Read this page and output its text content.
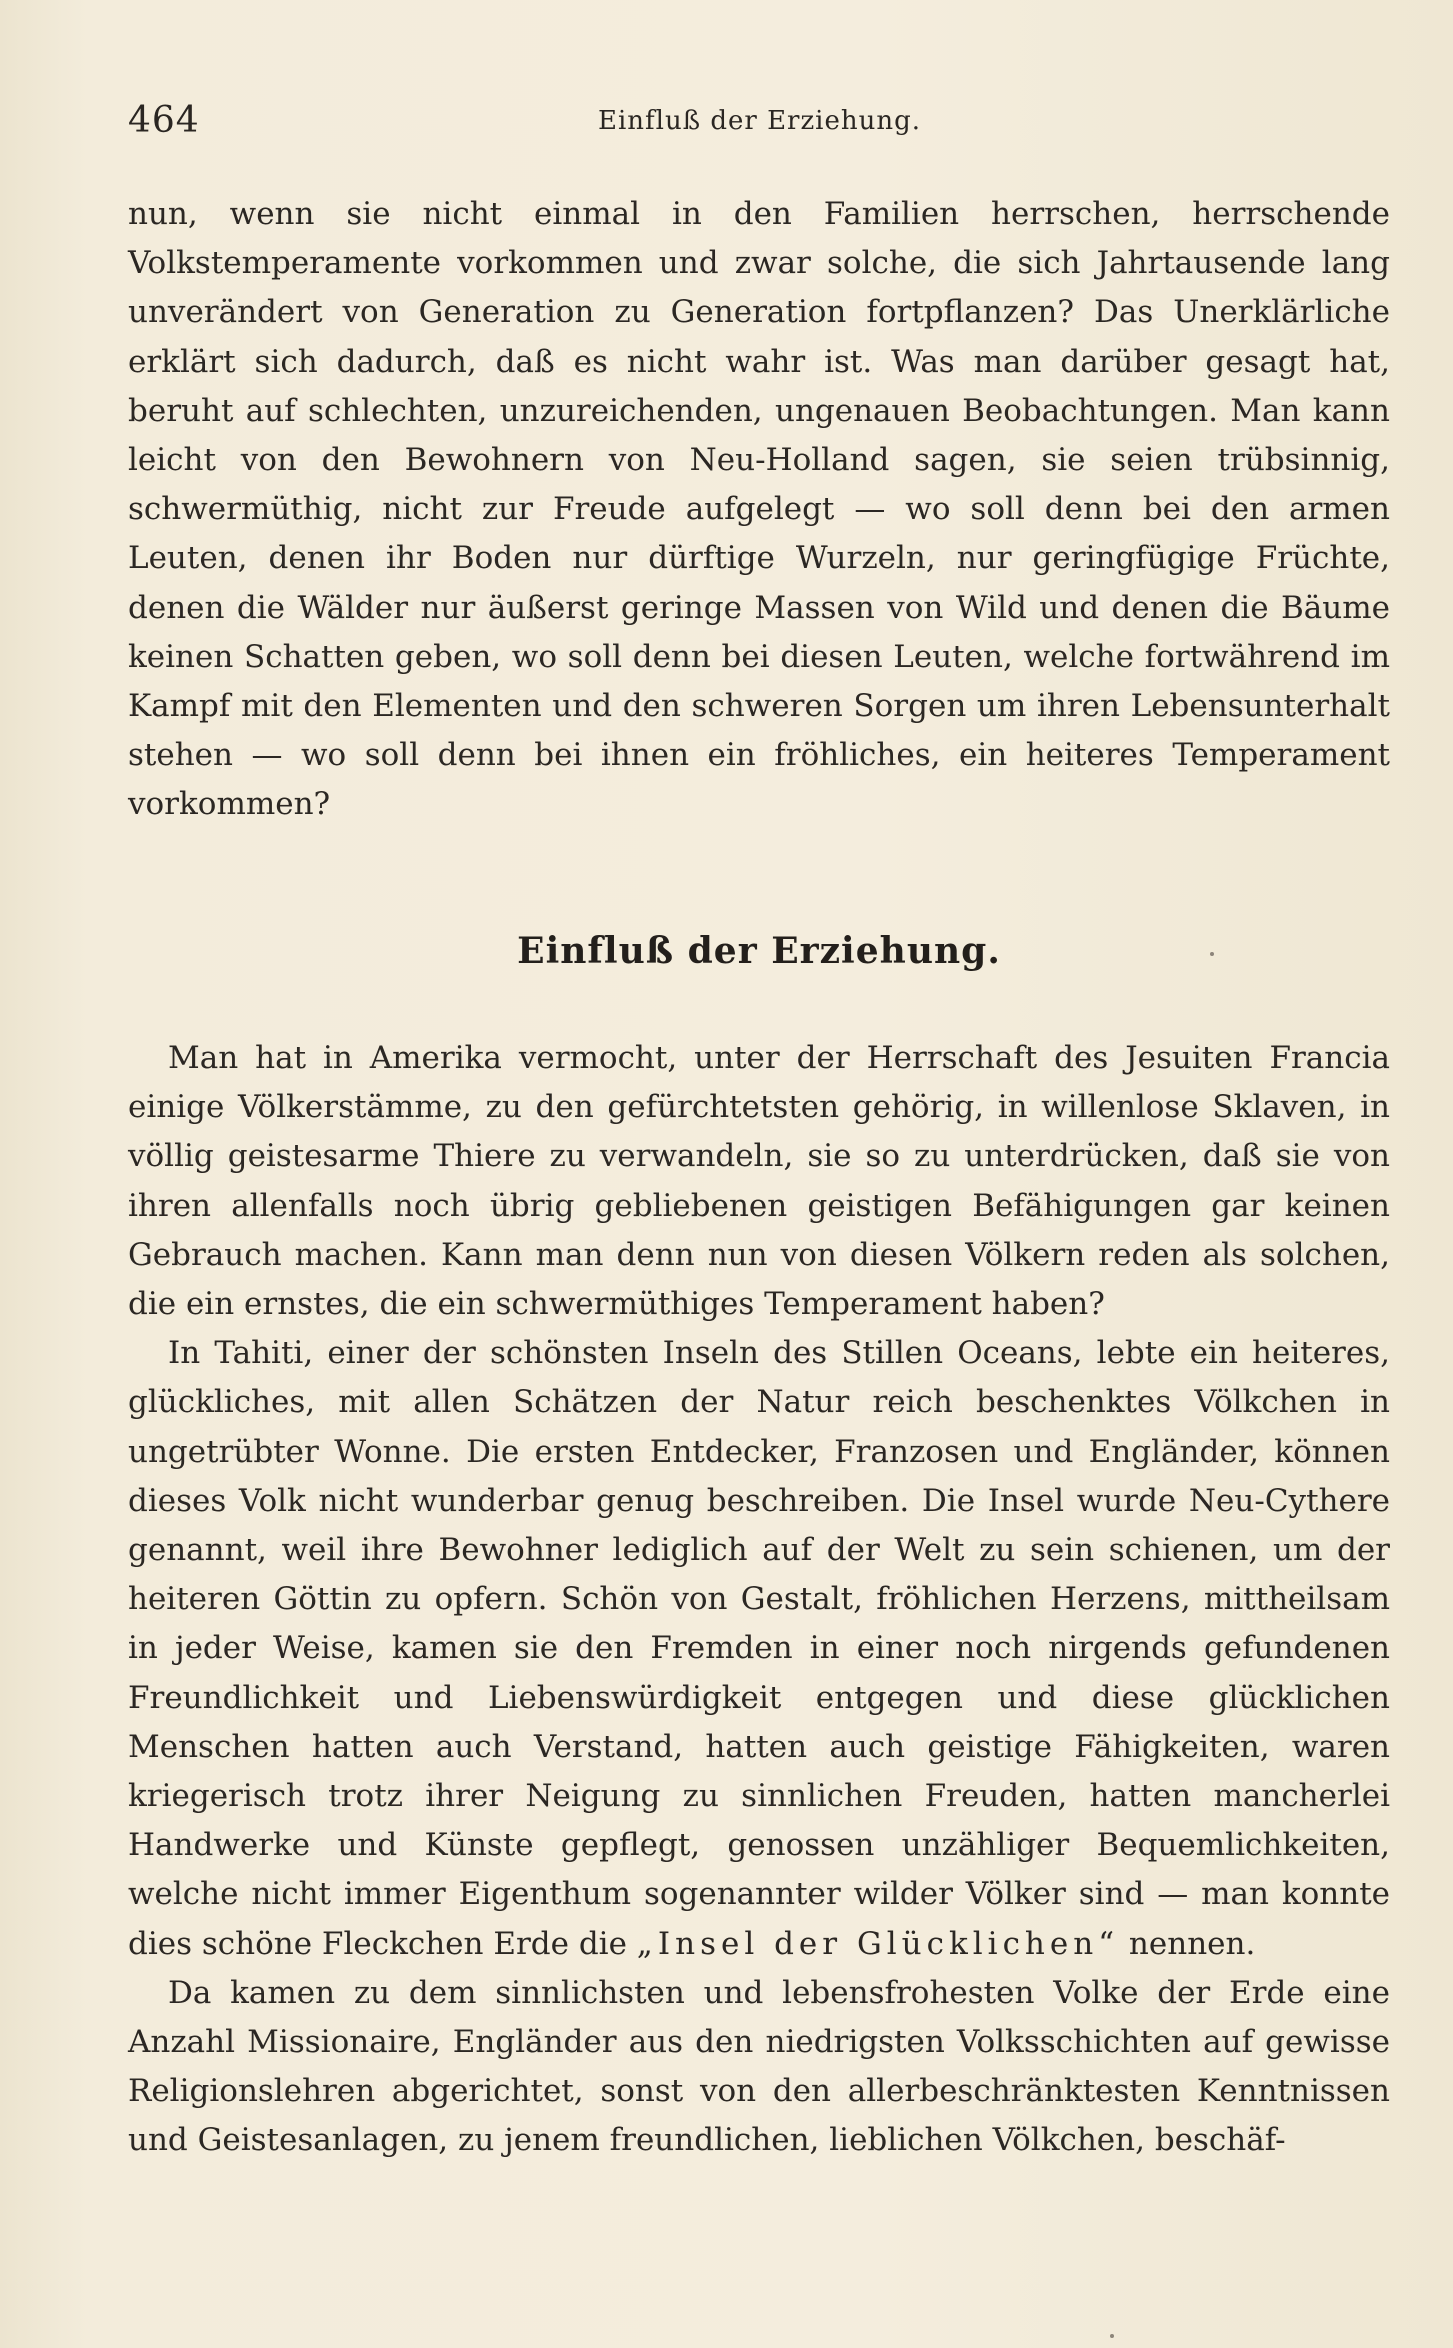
464	Einfluß der Erziehung.

nun, wenn sie nicht einmal in den Familien herrschen, herrschende Volkstemperamente vorkommen und zwar solche, die sich Jahrtausende lang unverändert von Generation zu Generation fortpflanzen? Das Unerklärliche erklärt sich dadurch, daß es nicht wahr ist. Was man darüber gesagt hat, beruht auf schlechten, unzureichenden, ungenauen Beobachtungen. Man kann leicht von den Bewohnern von Neu-Holland sagen, sie seien trübsinnig, schwermüthig, nicht zur Freude aufgelegt — wo soll denn bei den armen Leuten, denen ihr Boden nur dürftige Wurzeln, nur geringfügige Früchte, denen die Wälder nur äußerst geringe Massen von Wild und denen die Bäume keinen Schatten geben, wo soll denn bei diesen Leuten, welche fortwährend im Kampf mit den Elementen und den schweren Sorgen um ihren Lebensunterhalt stehen — wo soll denn bei ihnen ein fröhliches, ein heiteres Temperament vorkommen?

Einfluß der Erziehung.

Man hat in Amerika vermocht, unter der Herrschaft des Jesuiten Francia einige Völkerstämme, zu den gefürchtetsten gehörig, in willenlose Sklaven, in völlig geistesarme Thiere zu verwandeln, sie so zu unterdrücken, daß sie von ihren allenfalls noch übrig gebliebenen geistigen Befähigungen gar keinen Gebrauch machen. Kann man denn nun von diesen Völkern reden als solchen, die ein ernstes, die ein schwermüthiges Temperament haben?

In Tahiti, einer der schönsten Inseln des Stillen Oceans, lebte ein heiteres, glückliches, mit allen Schätzen der Natur reich beschenktes Völkchen in ungetrübter Wonne. Die ersten Entdecker, Franzosen und Engländer, können dieses Volk nicht wunderbar genug beschreiben. Die Insel wurde Neu-Cythere genannt, weil ihre Bewohner lediglich auf der Welt zu sein schienen, um der heiteren Göttin zu opfern. Schön von Gestalt, fröhlichen Herzens, mittheilsam in jeder Weise, kamen sie den Fremden in einer noch nirgends gefundenen Freundlichkeit und Liebenswürdigkeit entgegen und diese glücklichen Menschen hatten auch Verstand, hatten auch geistige Fähigkeiten, waren kriegerisch trotz ihrer Neigung zu sinnlichen Freuden, hatten mancherlei Handwerke und Künste gepflegt, genossen unzähliger Bequemlichkeiten, welche nicht immer Eigenthum sogenannter wilder Völker sind — man konnte dies schöne Fleckchen Erde die „Insel der Glücklichen“ nennen.

Da kamen zu dem sinnlichsten und lebensfrohesten Volke der Erde eine Anzahl Missionaire, Engländer aus den niedrigsten Volksschichten auf gewisse Religionslehren abgerichtet, sonst von den allerbeschränktesten Kenntnissen und Geistesanlagen, zu jenem freundlichen, lieblichen Völkchen, beschäf-
